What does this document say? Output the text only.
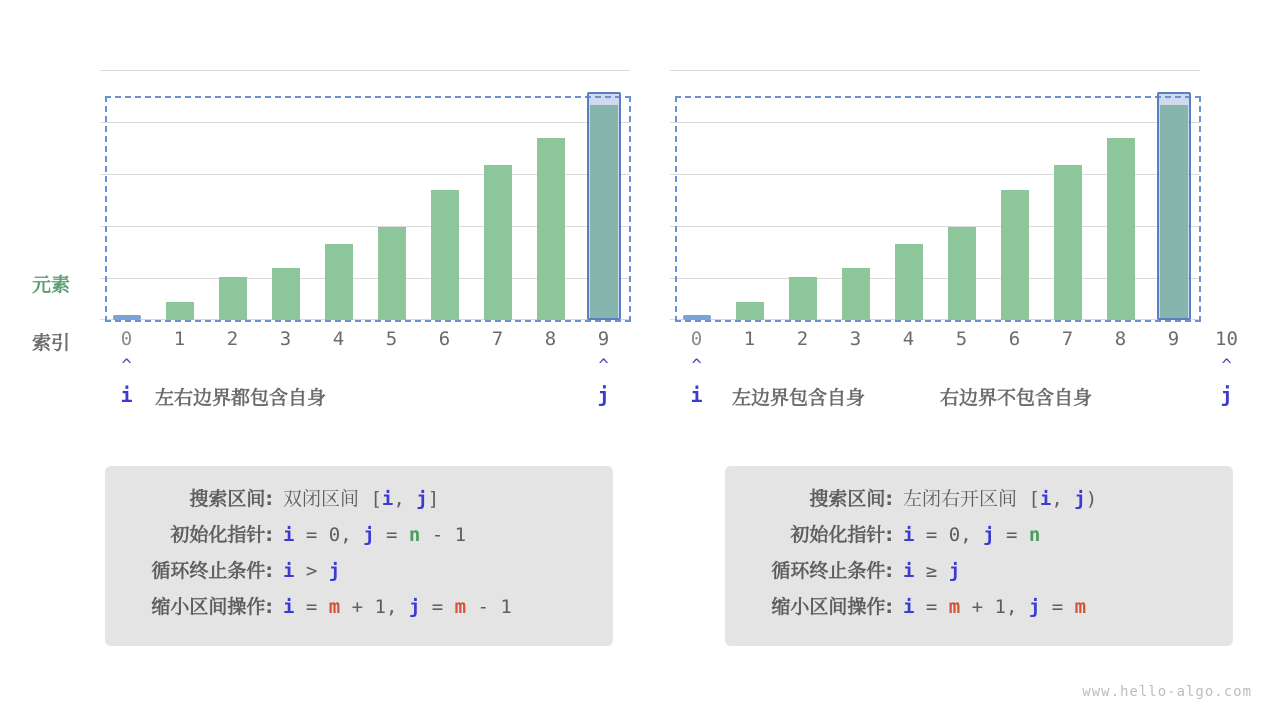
0	1	2	3	4	5	6	7	8	9
^
i
^
j
左右边界都包含自身
搜索区间: 双闭区间 [i, j]
初始化指针: i = 0, j = n - 1
循环终止条件: i > j
缩小区间操作: i = m + 1, j = m - 1
0	1	2	3	4	5	6	7	8	9	10
^
i
^
j
左边界包含自身	右边界不包含自身
搜索区间: 左闭右开区间 [i, j)
初始化指针: i = 0, j = n
循环终止条件: i ≥ j
缩小区间操作: i = m + 1, j = m
元素
索引
www.hello-algo.com
